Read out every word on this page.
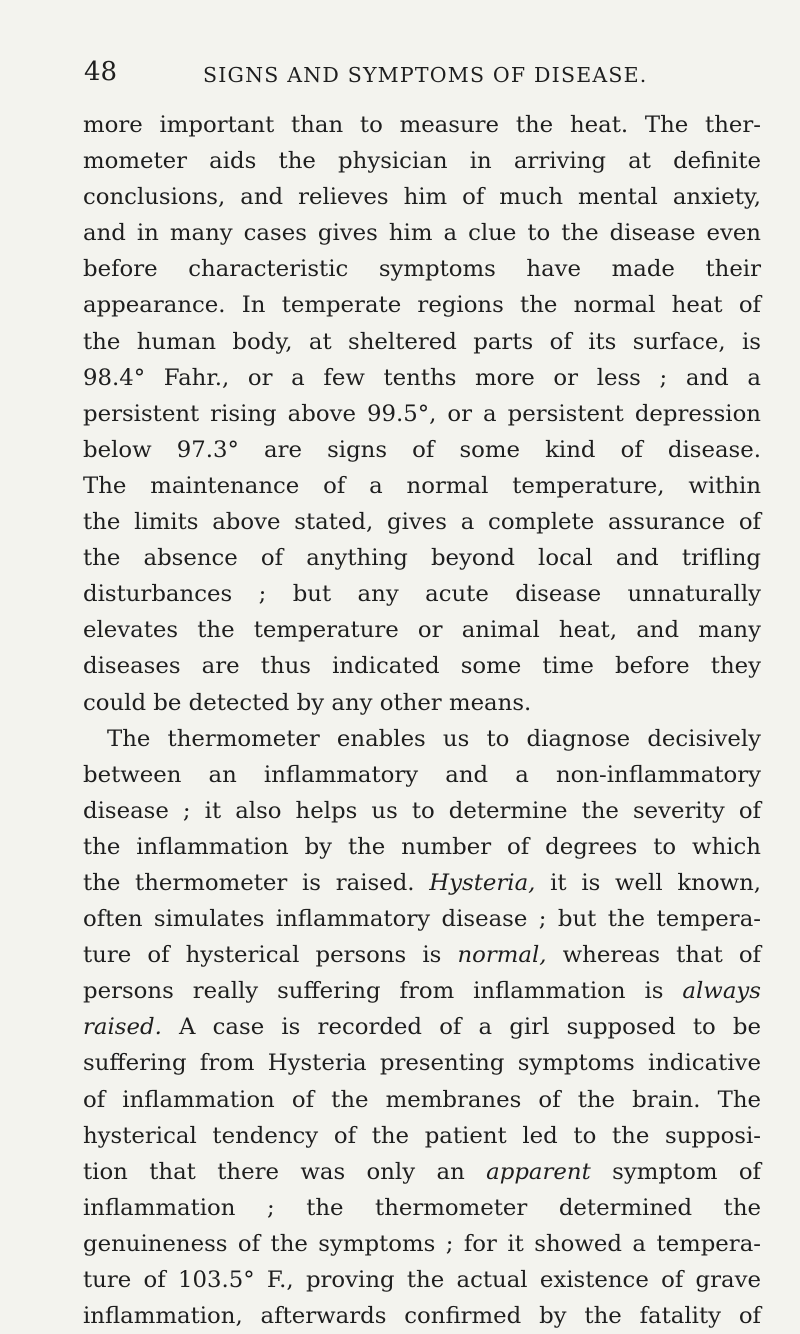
48	SIGNS AND SYMPTOMS OF DISEASE.
more important than to measure the heat. The ther-
mometer aids the physician in arriving at definite
conclusions, and relieves him of much mental anxiety,
and in many cases gives him a clue to the disease even
before characteristic symptoms have made their
appearance. In temperate regions the normal heat of
the human body, at sheltered parts of its surface, is
98.4° Fahr., or a few tenths more or less ; and a
persistent rising above 99.5°, or a persistent depression
below 97.3° are signs of some kind of disease.
The maintenance of a normal temperature, within
the limits above stated, gives a complete assurance of
the absence of anything beyond local and trifling
disturbances ; but any acute disease unnaturally
elevates the temperature or animal heat, and many
diseases are thus indicated some time before they
could be detected by any other means.
The thermometer enables us to diagnose decisively
between an inflammatory and a non-inflammatory
disease ; it also helps us to determine the severity of
the inflammation by the number of degrees to which
the thermometer is raised. Hysteria, it is well known,
often simulates inflammatory disease ; but the tempera-
ture of hysterical persons is normal, whereas that of
persons really suffering from inflammation is always
raised. A case is recorded of a girl supposed to be
suffering from Hysteria presenting symptoms indicative
of inflammation of the membranes of the brain. The
hysterical tendency of the patient led to the supposi-
tion that there was only an apparent symptom of
inflammation ; the thermometer determined the
genuineness of the symptoms ; for it showed a tempera-
ture of 103.5° F., proving the actual existence of grave
inflammation, afterwards confirmed by the fatality of
